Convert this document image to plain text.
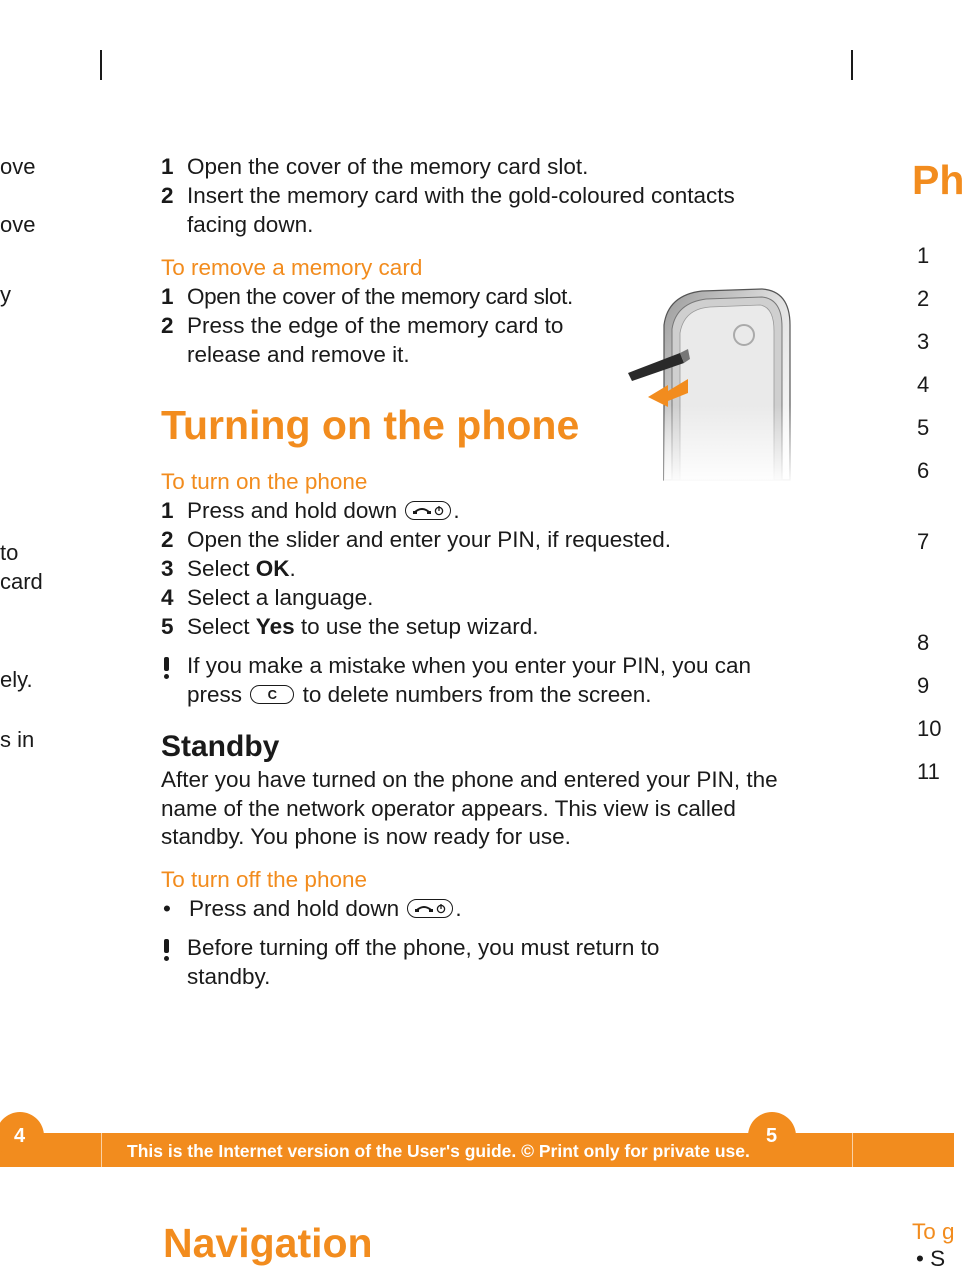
ove
ove
y
to
card
ely.
s in
1 Open the cover of the memory card slot.
2 Insert the memory card with the gold-coloured contacts facing down.
To remove a memory card
1 Open the cover of the memory card slot.
2 Press the edge of the memory card to release and remove it.
Turning on the phone
To turn on the phone
1 Press and hold down	.
2 Open the slider and enter your PIN, if requested.
3 Select OK.
4 Select a language.
5 Select Yes to use the setup wizard.
If you make a mistake when you enter your PIN, you can press C to delete numbers from the screen.
Standby
After you have turned on the phone and entered your PIN, the name of the network operator appears. This view is called standby. You phone is now ready for use.
To turn off the phone
• Press and hold down	.
Before turning off the phone, you must return to standby.
Ph
1
2
3
4
5
6
7
8
9
10
11
4	5
This is the Internet version of the User's guide. © Print only for private use.
Navigation	To g
• S
